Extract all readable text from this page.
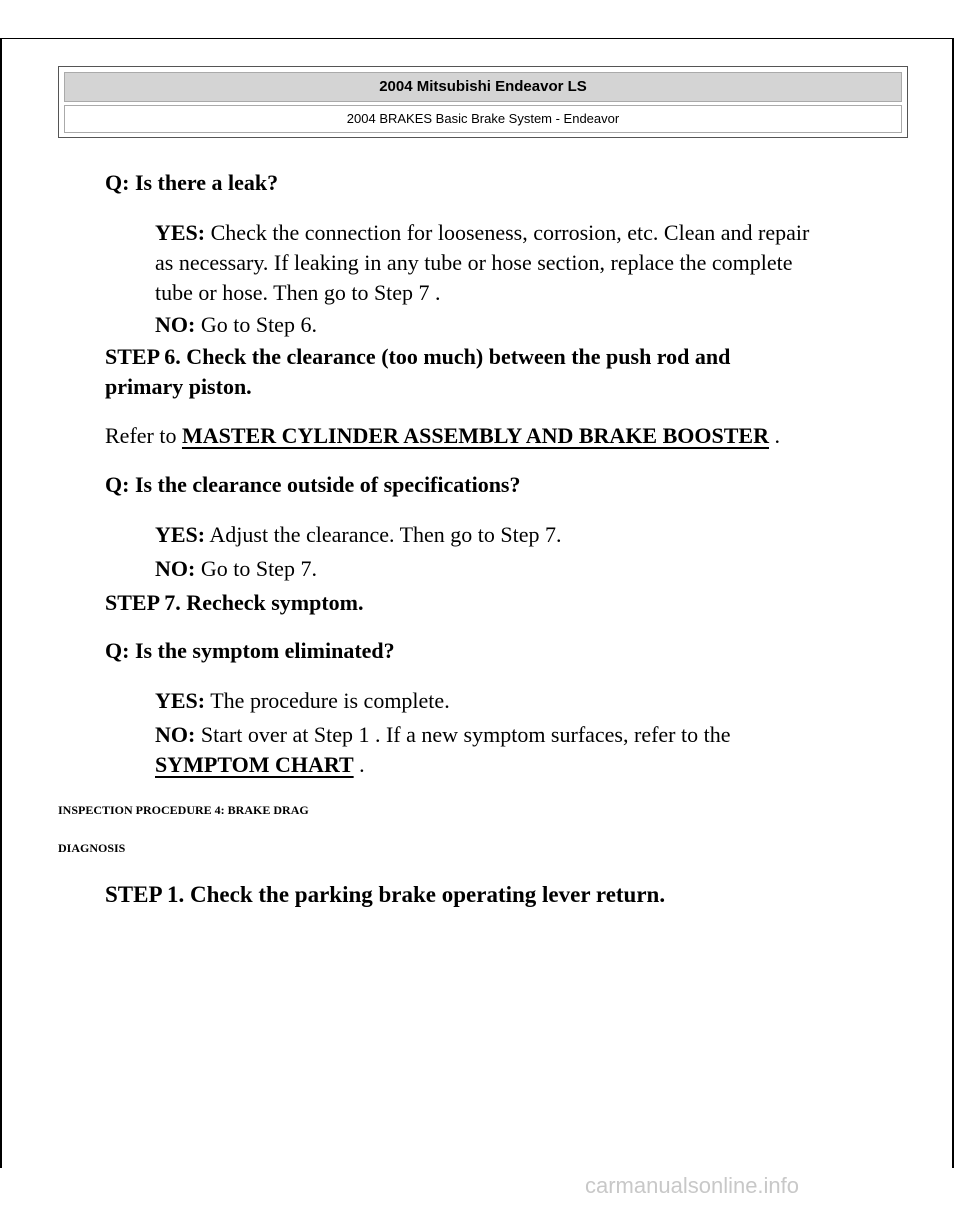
2004 Mitsubishi Endeavor LS
2004 BRAKES Basic Brake System - Endeavor

Q: Is there a leak?

YES: Check the connection for looseness, corrosion, etc. Clean and repair

as necessary. If leaking in any tube or hose section, replace the complete

tube or hose. Then go to Step 7 .

NO: Go to Step 6.

STEP 6. Check the clearance (too much) between the push rod and

primary piston.

Refer to MASTER CYLINDER ASSEMBLY AND BRAKE BOOSTER .

Q: Is the clearance outside of specifications?

YES: Adjust the clearance. Then go to Step 7.

NO: Go to Step 7.

STEP 7. Recheck symptom.

Q: Is the symptom eliminated?

YES: The procedure is complete.

NO: Start over at Step 1 . If a new symptom surfaces, refer to the

SYMPTOM CHART .

INSPECTION PROCEDURE 4: BRAKE DRAG

DIAGNOSIS

STEP 1. Check the parking brake operating lever return.

carmanualsonline.info
